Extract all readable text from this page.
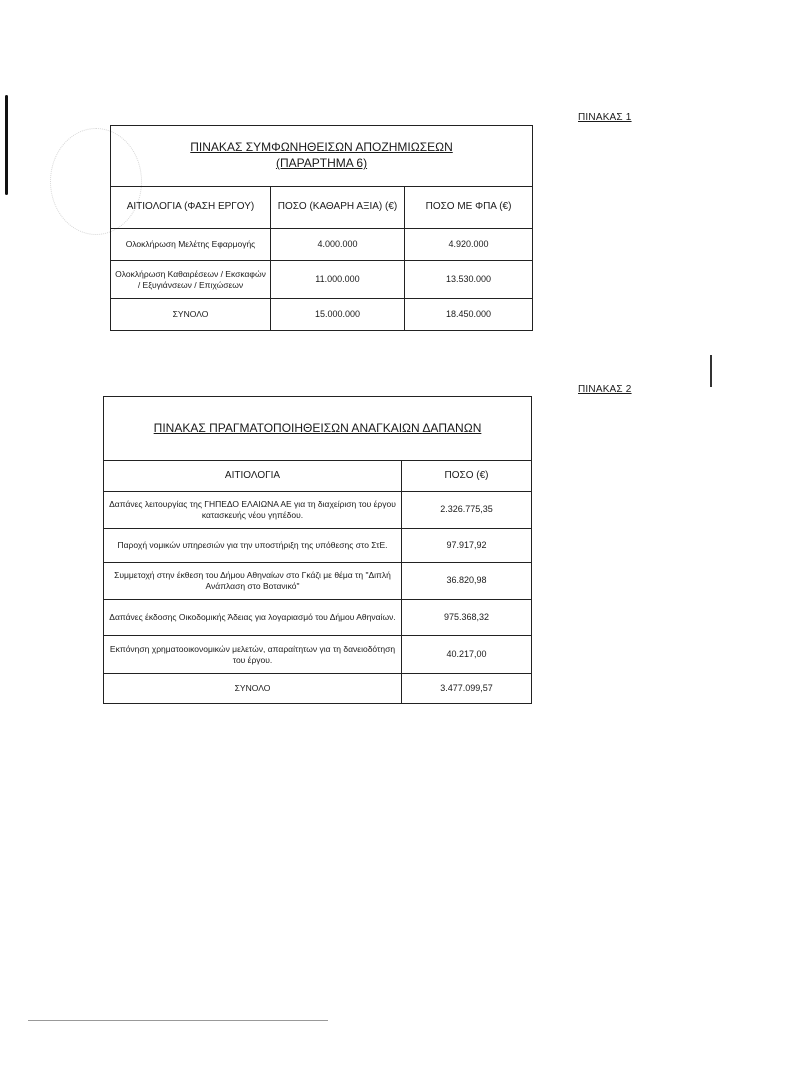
ΠΙΝΑΚΑΣ 1
ΠΙΝΑΚΑΣ ΣΥΜΦΩΝΗΘΕΙΣΩΝ ΑΠΟΖΗΜΙΩΣΕΩΝ
(ΠΑΡΑΡΤΗΜΑ 6)		

ΑΙΤΙΟΛΟΓΙΑ (ΦΑΣΗ ΕΡΓΟΥ)	ΠΟΣΟ (ΚΑΘΑΡΗ ΑΞΙΑ) (€)	ΠΟΣΟ ΜΕ ΦΠΑ (€)
Ολοκλήρωση Μελέτης Εφαρμογής	4.000.000	4.920.000
Ολοκλήρωση Καθαιρέσεων / Εκσκαφών / Εξυγιάνσεων / Επιχώσεων	11.000.000	13.530.000
ΣΥΝΟΛΟ	15.000.000	18.450.000
ΠΙΝΑΚΑΣ 2
ΠΙΝΑΚΑΣ ΠΡΑΓΜΑΤΟΠΟΙΗΘΕΙΣΩΝ ΑΝΑΓΚΑΙΩΝ ΔΑΠΑΝΩΝ	
ΑΙΤΙΟΛΟΓΙΑ	ΠΟΣΟ (€)
Δαπάνες λειτουργίας της ΓΗΠΕΔΟ ΕΛΑΙΩΝΑ ΑΕ για τη διαχείριση του έργου κατασκευής νέου γηπέδου.	2.326.775,35
Παροχή νομικών υπηρεσιών για την υποστήριξη της υπόθεσης στο ΣτΕ.	97.917,92
Συμμετοχή στην έκθεση του Δήμου Αθηναίων στο Γκάζι με θέμα τη "Διπλή Ανάπλαση στο Βοτανικό"	36.820,98
Δαπάνες έκδοσης Οικοδομικής Άδειας για λογαριασμό του Δήμου Αθηναίων.	975.368,32
Εκπόνηση χρηματοοικονομικών μελετών, απαραίτητων για τη δανειοδότηση του έργου.	40.217,00
ΣΥΝΟΛΟ	3.477.099,57
